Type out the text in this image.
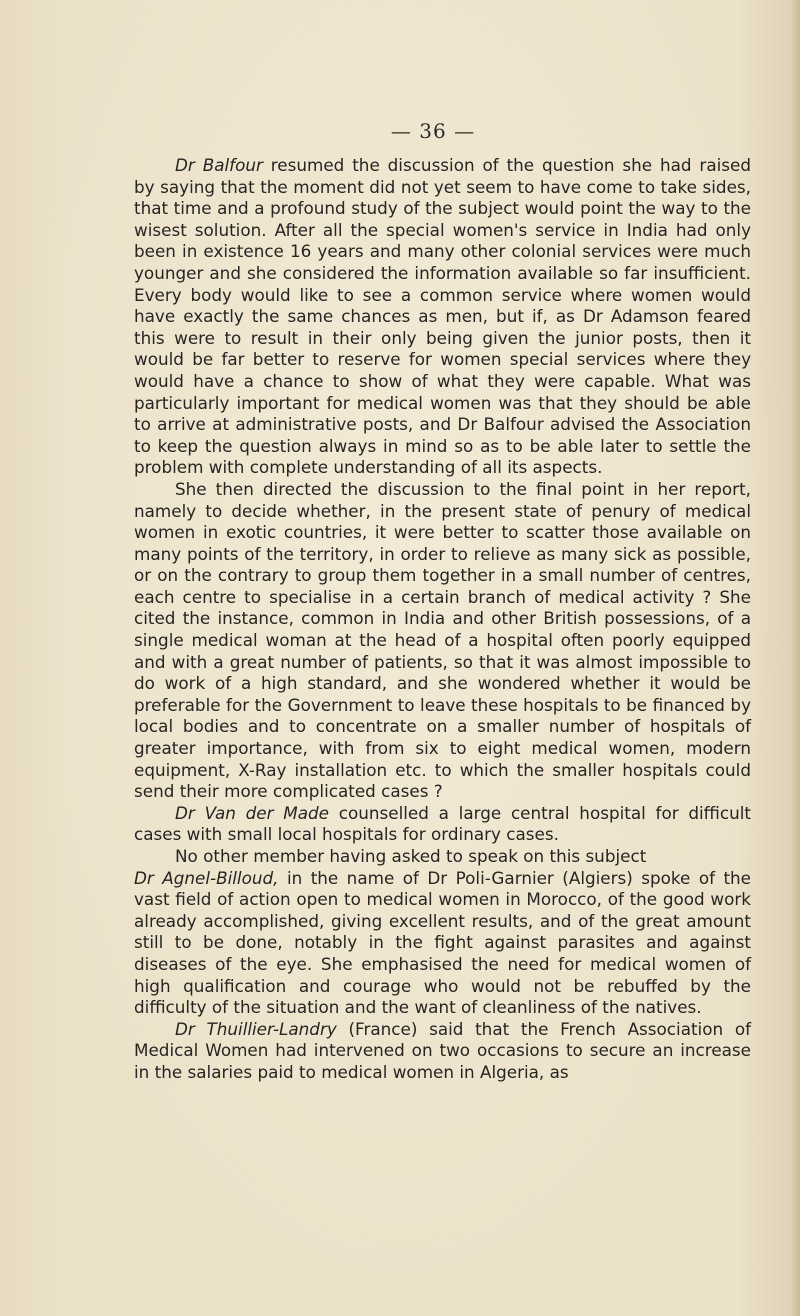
— 36 —

Dr Balfour resumed the discussion of the question she had raised by saying that the moment did not yet seem to have come to take sides, that time and a profound study of the subject would point the way to the wisest solution. After all the special women's service in India had only been in existence 16 years and many other colonial services were much younger and she considered the information available so far insufficient. Every body would like to see a common service where women would have exactly the same chances as men, but if, as Dr Adamson feared this were to result in their only being given the junior posts, then it would be far better to reserve for women special services where they would have a chance to show of what they were capable. What was particularly important for medical women was that they should be able to arrive at administrative posts, and Dr Balfour advised the Association to keep the question always in mind so as to be able later to settle the problem with complete understanding of all its aspects.

She then directed the discussion to the final point in her report, namely to decide whether, in the present state of penury of medical women in exotic countries, it were better to scatter those available on many points of the territory, in order to relieve as many sick as possible, or on the contrary to group them together in a small number of centres, each centre to specialise in a certain branch of medical activity ? She cited the instance, common in India and other British possessions, of a single medical woman at the head of a hospital often poorly equipped and with a great number of patients, so that it was almost impossible to do work of a high standard, and she wondered whether it would be preferable for the Government to leave these hospitals to be financed by local bodies and to concentrate on a smaller number of hospitals of greater importance, with from six to eight medical women, modern equipment, X-Ray installation etc. to which the smaller hospitals could send their more complicated cases ?

Dr Van der Made counselled a large central hospital for difficult cases with small local hospitals for ordinary cases.

No other member having asked to speak on this subject

Dr Agnel-Billoud, in the name of Dr Poli-Garnier (Algiers) spoke of the vast field of action open to medical women in Morocco, of the good work already accomplished, giving excellent results, and of the great amount still to be done, notably in the fight against parasites and against diseases of the eye. She emphasised the need for medical women of high qualification and courage who would not be rebuffed by the difficulty of the situation and the want of cleanliness of the natives.

Dr Thuillier-Landry (France) said that the French Association of Medical Women had intervened on two occasions to secure an increase in the salaries paid to medical women in Algeria, as
